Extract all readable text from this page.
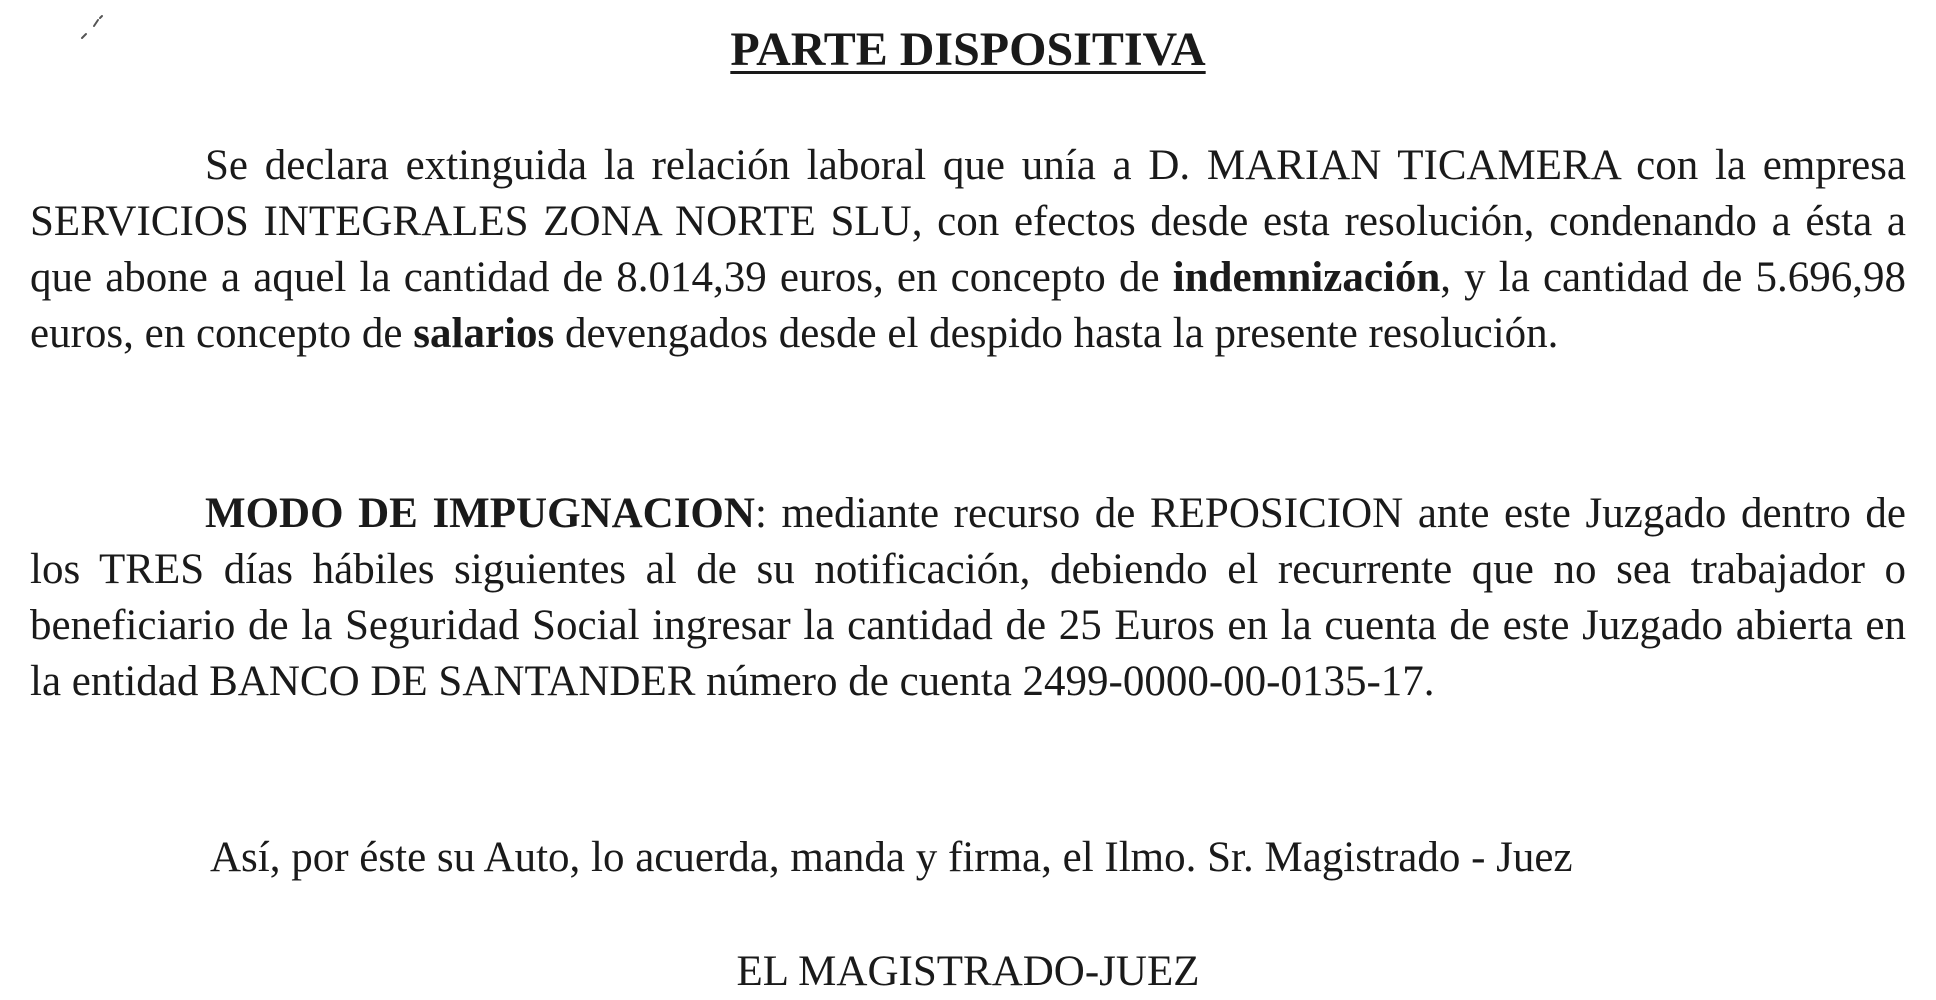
PARTE DISPOSITIVA

Se declara extinguida la relación laboral que unía a D. MARIAN TICAMERA con la empresa SERVICIOS INTEGRALES ZONA NORTE SLU, con efectos desde esta resolución, condenando a ésta a que abone a aquel la cantidad de 8.014,39 euros, en concepto de indemnización, y la cantidad de 5.696,98 euros, en concepto de salarios devengados desde el despido hasta la presente resolución.

MODO DE IMPUGNACION: mediante recurso de REPOSICION ante este Juzgado dentro de los TRES días hábiles siguientes al de su notificación, debiendo el recurrente que no sea trabajador o beneficiario de la Seguridad Social ingresar la cantidad de 25 Euros en la cuenta de este Juzgado abierta en la entidad BANCO DE SANTANDER número de cuenta 2499-0000-00-0135-17.

Así, por éste su Auto, lo acuerda, manda y firma, el Ilmo. Sr. Magistrado - Juez

EL MAGISTRADO-JUEZ
